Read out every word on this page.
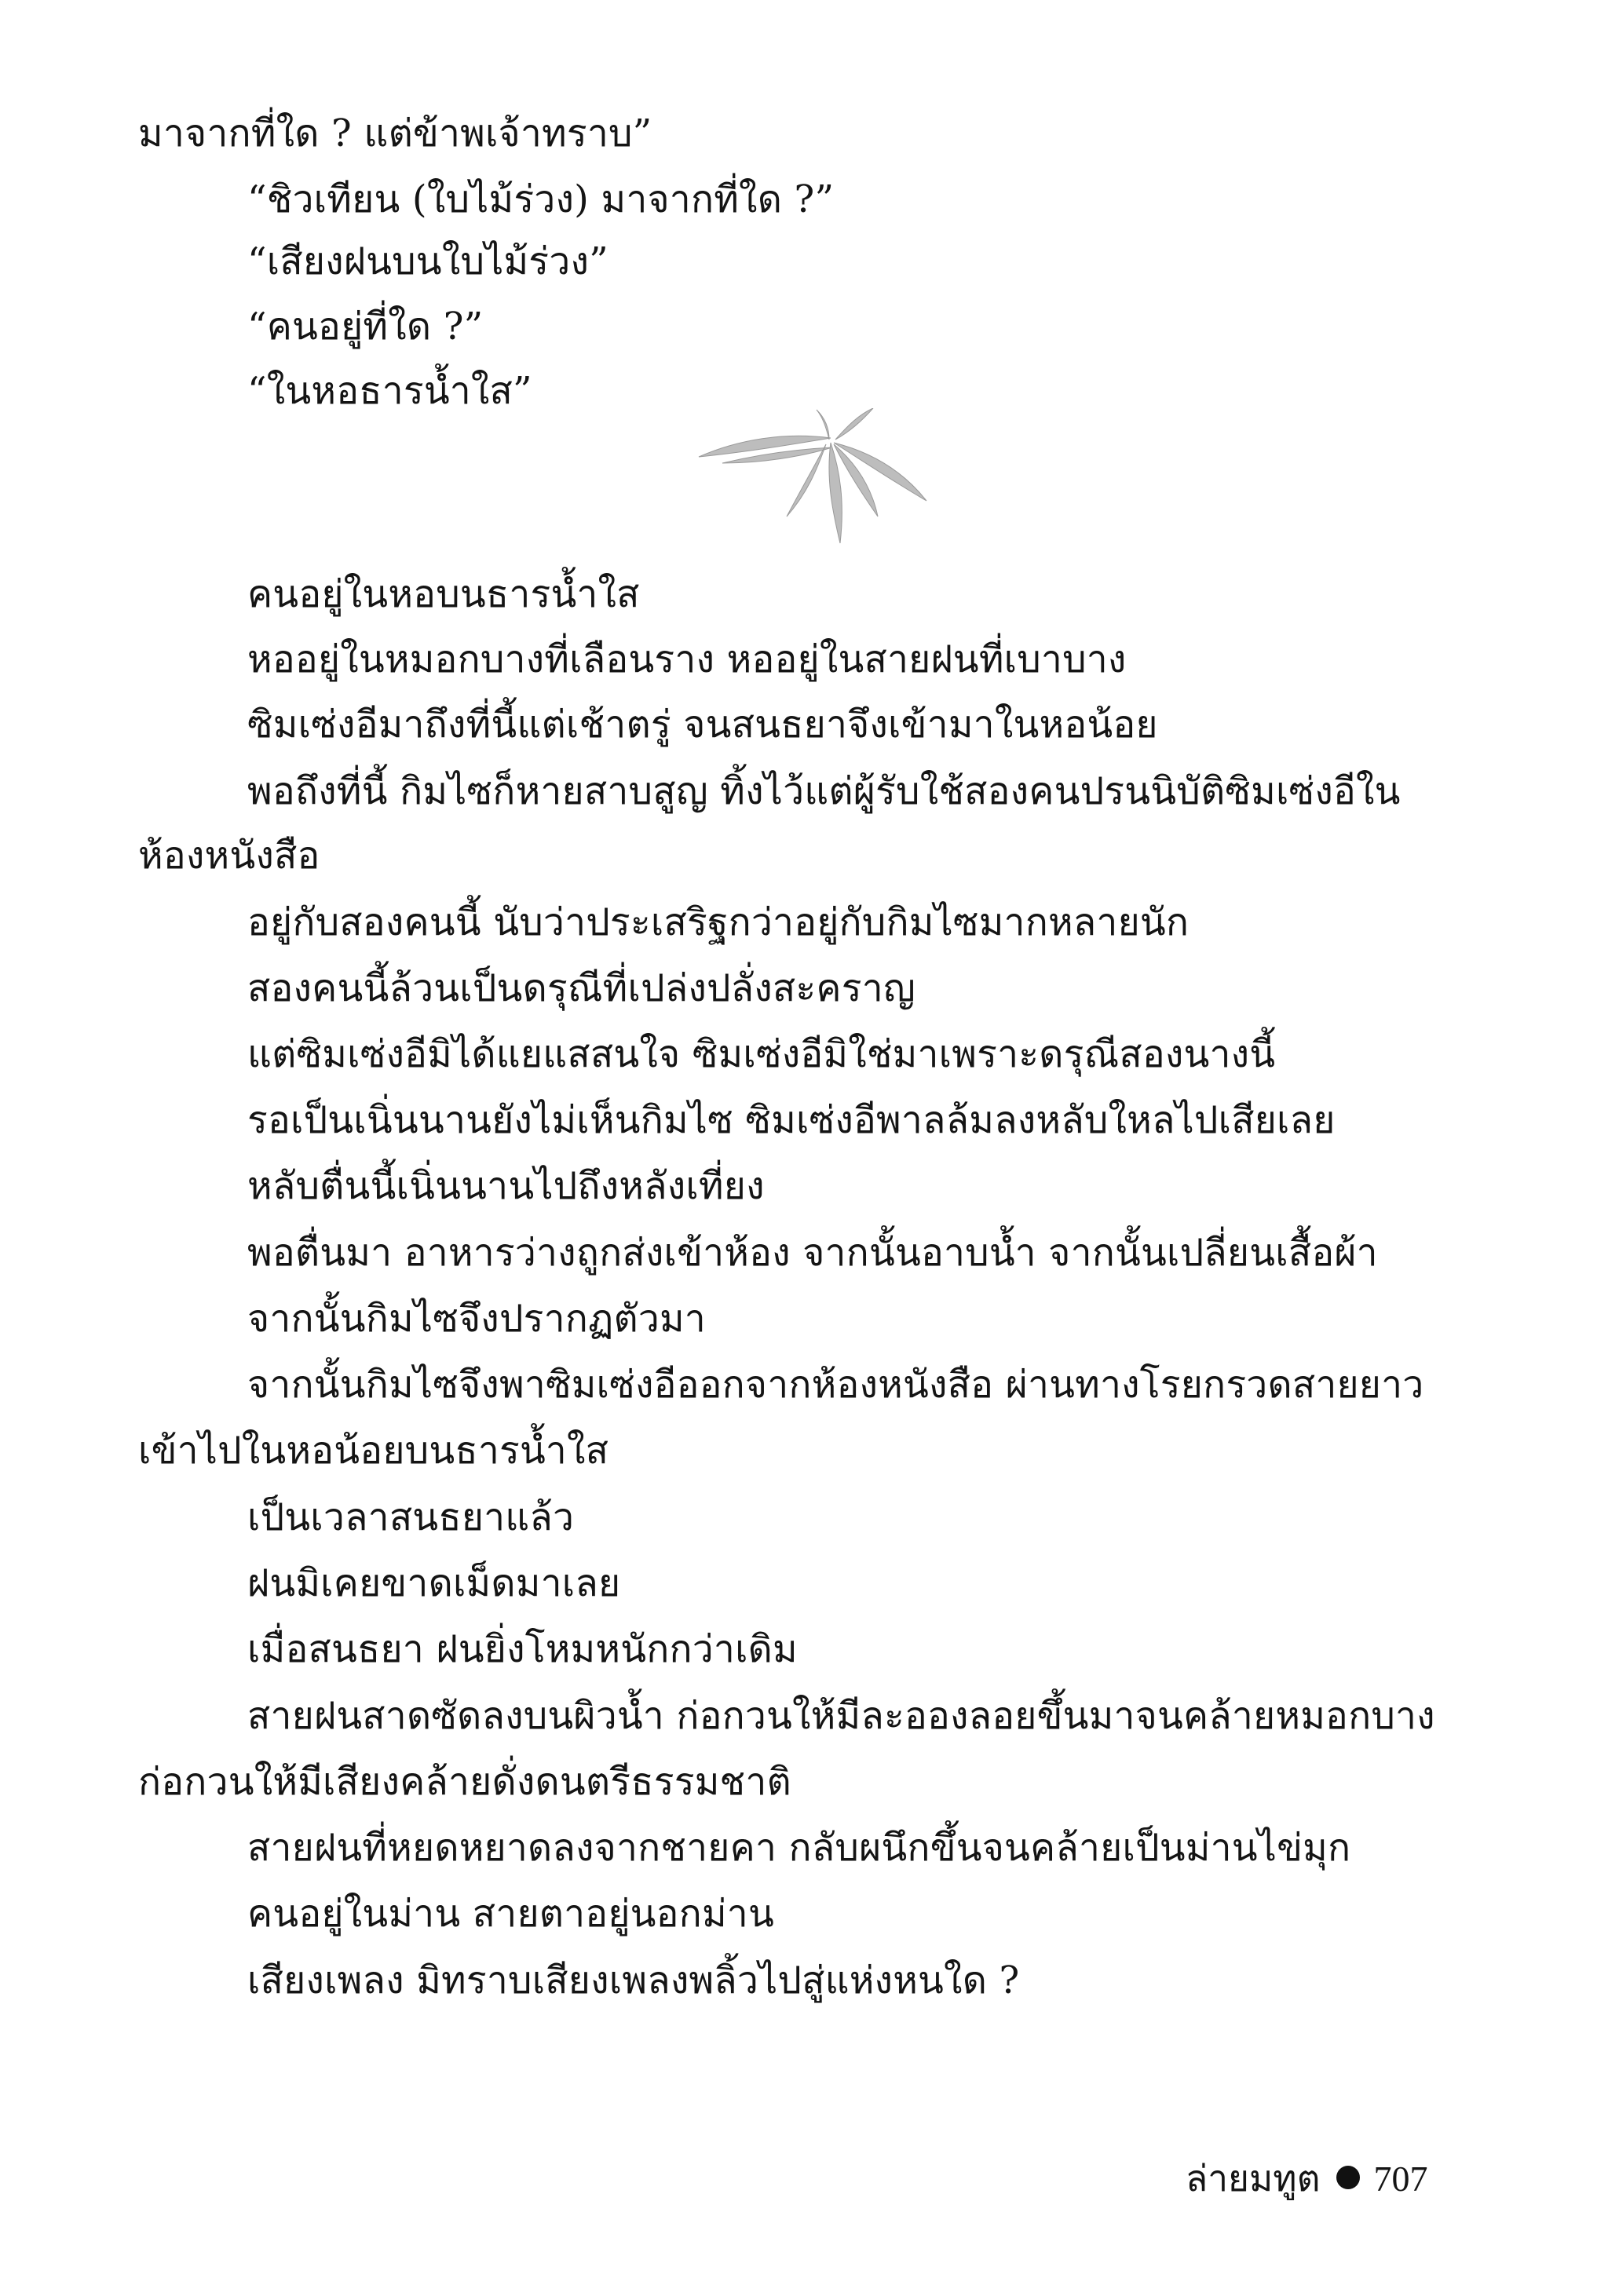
มาจากที่ใด ? แต่ข้าพเจ้าทราบ”
“ชิวเทียน (ใบไม้ร่วง) มาจากที่ใด ?”
“เสียงฝนบนใบไม้ร่วง”
“คนอยู่ที่ใด ?”
“ในหอธารน้ำใส”
คนอยู่ในหอบนธารน้ำใส
หออยู่ในหมอกบางที่เลือนราง หออยู่ในสายฝนที่เบาบาง
ซิมเซ่งอีมาถึงที่นี้แต่เช้าตรู่ จนสนธยาจึงเข้ามาในหอน้อย
พอถึงที่นี้ กิมไซก็หายสาบสูญ ทิ้งไว้แต่ผู้รับใช้สองคนปรนนิบัติซิมเซ่งอีใน
ห้องหนังสือ
อยู่กับสองคนนี้ นับว่าประเสริฐกว่าอยู่กับกิมไซมากหลายนัก
สองคนนี้ล้วนเป็นดรุณีที่เปล่งปลั่งสะคราญ
แต่ซิมเซ่งอีมิได้แยแสสนใจ ซิมเซ่งอีมิใช่มาเพราะดรุณีสองนางนี้
รอเป็นเนิ่นนานยังไม่เห็นกิมไซ ซิมเซ่งอีพาลล้มลงหลับใหลไปเสียเลย
หลับตื่นนี้เนิ่นนานไปถึงหลังเที่ยง
พอตื่นมา อาหารว่างถูกส่งเข้าห้อง จากนั้นอาบน้ำ จากนั้นเปลี่ยนเสื้อผ้า
จากนั้นกิมไซจึงปรากฏตัวมา
จากนั้นกิมไซจึงพาซิมเซ่งอีออกจากห้องหนังสือ ผ่านทางโรยกรวดสายยาว
เข้าไปในหอน้อยบนธารน้ำใส
เป็นเวลาสนธยาแล้ว
ฝนมิเคยขาดเม็ดมาเลย
เมื่อสนธยา ฝนยิ่งโหมหนักกว่าเดิม
สายฝนสาดซัดลงบนผิวน้ำ ก่อกวนให้มีละอองลอยขึ้นมาจนคล้ายหมอกบาง
ก่อกวนให้มีเสียงคล้ายดั่งดนตรีธรรมชาติ
สายฝนที่หยดหยาดลงจากชายคา กลับผนึกขึ้นจนคล้ายเป็นม่านไข่มุก
คนอยู่ในม่าน สายตาอยู่นอกม่าน
เสียงเพลง มิทราบเสียงเพลงพลิ้วไปสู่แห่งหนใด ?
ล่ายมทูต 707
